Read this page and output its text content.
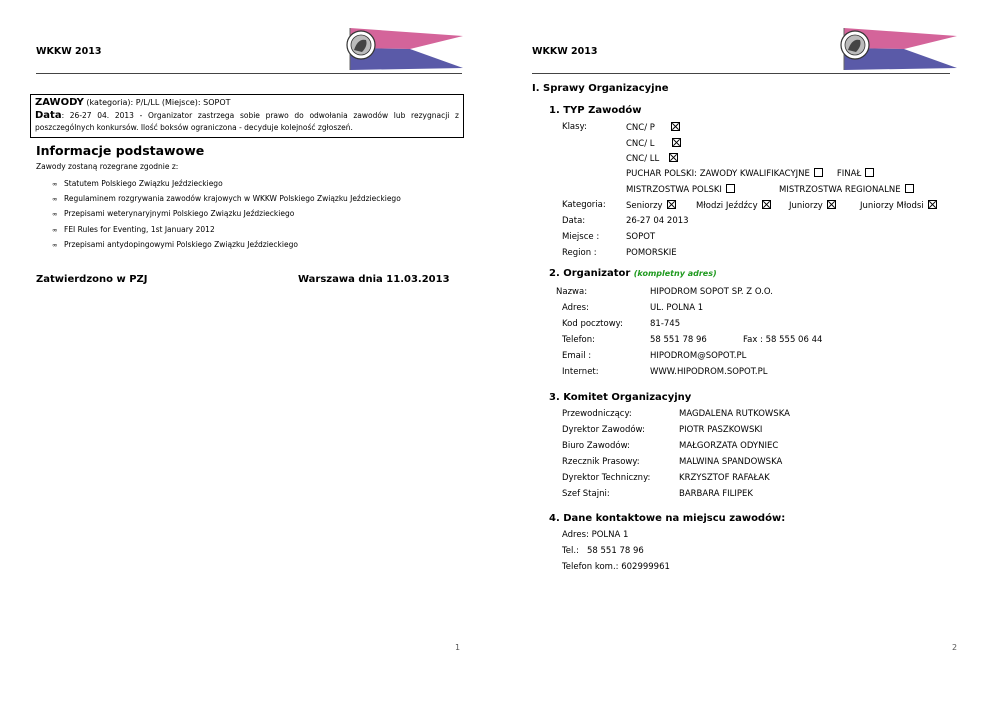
WKKW 2013
ZAWODY (kategoria): P/L/LL (Miejsce): SOPOT
Data: 26-27 04. 2013 - Organizator zastrzega sobie prawo do odwołania zawodów lub rezygnacji z poszczególnych konkursów. Ilość boksów ograniczona - decyduje kolejność zgłoszeń.
Informacje podstawowe
Zawody zostaną rozegrane zgodnie z:
∞ Statutem Polskiego Związku Jeździeckiego
∞ Regulaminem rozgrywania zawodów krajowych w WKKW Polskiego Związku Jeździeckiego
∞ Przepisami weterynaryjnymi Polskiego Związku Jeździeckiego
∞ FEI Rules for Eventing, 1st January 2012
∞ Przepisami antydopingowymi Polskiego Związku Jeździeckiego
Zatwierdzono w PZJ	Warszawa dnia 11.03.2013
1
WKKW 2013
I. Sprawy Organizacyjne
1. TYP Zawodów
Klasy:	CNC/ P
CNC/ L
CNC/ LL
PUCHAR POLSKI: ZAWODY KWALIFIKACYJNE	FINAŁ
MISTRZOSTWA POLSKI	MISTRZOSTWA REGIONALNE
Kategoria: Seniorzy	Młodzi Jeźdźcy	Juniorzy	Juniorzy Młodsi
Data:	26-27 04 2013
Miejsce :	SOPOT
Region :	POMORSKIE
2. Organizator (kompletny adres)
Nazwa:	HIPODROM SOPOT SP. Z O.O.
Adres:	UL. POLNA 1
Kod pocztowy:	81-745
Telefon:	58 551 78 96	Fax : 58 555 06 44
Email :	HIPODROM@SOPOT.PL
Internet:	WWW.HIPODROM.SOPOT.PL
3. Komitet Organizacyjny
Przewodniczący:	MAGDALENA RUTKOWSKA
Dyrektor Zawodów:	PIOTR PASZKOWSKI
Biuro Zawodów:	MAŁGORZATA ODYNIEC
Rzecznik Prasowy:	MALWINA SPANDOWSKA
Dyrektor Techniczny:	KRZYSZTOF RAFAŁAK
Szef Stajni:	BARBARA FILIPEK
4. Dane kontaktowe na miejscu zawodów:
Adres: POLNA 1
Tel.:   58 551 78 96
Telefon kom.: 602999961
2
